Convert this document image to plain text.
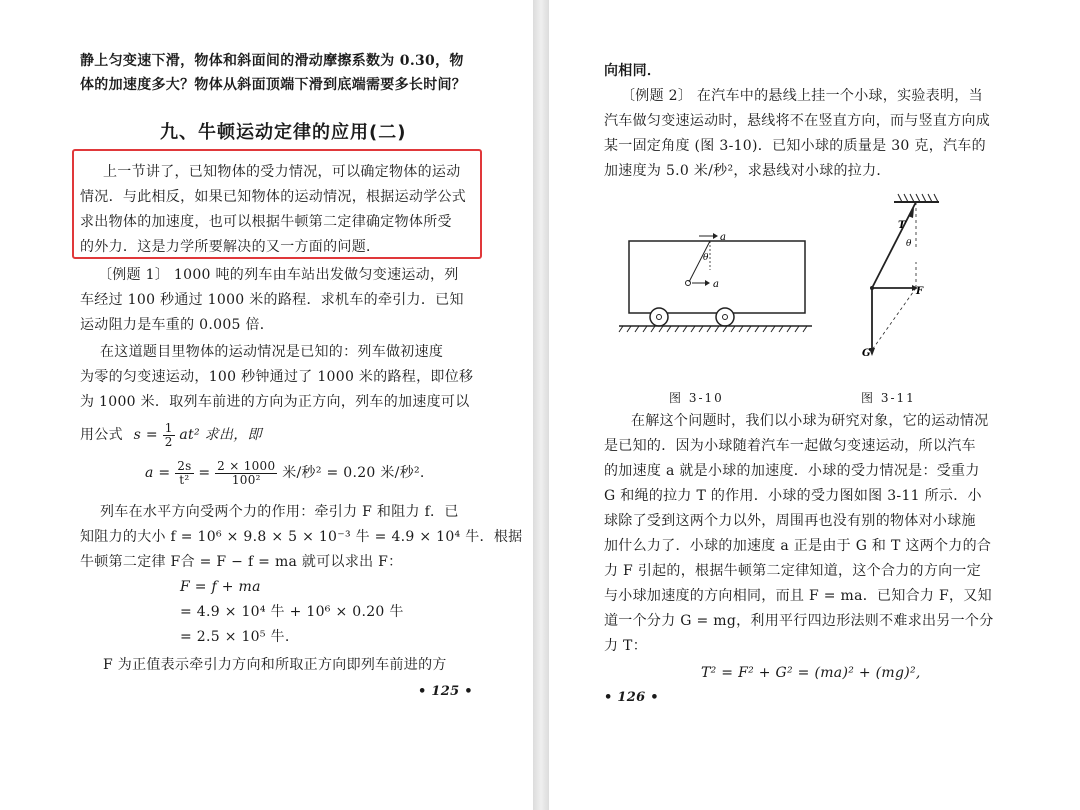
静上匀变速下滑，物体和斜面间的滑动摩擦系数为 0.30，物
体的加速度多大？物体从斜面顶端下滑到底端需要多长时间？
九、牛顿运动定律的应用(二)
上一节讲了，已知物体的受力情况，可以确定物体的运动
情况．与此相反，如果已知物体的运动情况，根据运动学公式
求出物体的加速度，也可以根据牛顿第二定律确定物体所受
的外力．这是力学所要解决的又一方面的问题．
〔例题 1〕 1000 吨的列车由车站出发做匀变速运动，列
车经过 100 秒通过 1000 米的路程．求机车的牵引力．已知
运动阻力是车重的 0.005 倍．
在这道题目里物体的运动情况是已知的：列车做初速度
为零的匀变速运动，100 秒钟通过了 1000 米的路程，即位移
为 1000 米．取列车前进的方向为正方向，列车的加速度可以
用公式 $s = \frac{1}{2} at^2$ 求出，即
$a = \frac{2s}{\text{t²}} = \frac{2 \times 1000}{\text{100²}}$ 米/秒² = 0.20 米/秒².
列车在水平方向受两个力的作用：牵引力 F 和阻力 f．已
知阻力的大小 f = 10⁶ × 9.8 × 5 × 10⁻³ 牛 = 4.9 × 10⁴ 牛．根据
牛顿第二定律 F合 = F − f = ma 就可以求出 F：
F = f + ma
= 4.9 × 10⁴ 牛 + 10⁶ × 0.20 牛
= 2.5 × 10⁵ 牛.
F 为正值表示牵引力方向和所取正方向即列车前进的方
• 125 •
向相同．
〔例题 2〕 在汽车中的悬线上挂一个小球，实验表明，当
汽车做匀变速运动时，悬线将不在竖直方向，而与竖直方向成
某一固定角度 (图 3-10)．已知小球的质量是 30 克，汽车的
加速度为 5.0 米/秒²，求悬线对小球的拉力．
a
θ
a
T
θ
F
G
图 3-10	图 3-11
在解这个问题时，我们以小球为研究对象，它的运动情况
是已知的．因为小球随着汽车一起做匀变速运动，所以汽车
的加速度 a 就是小球的加速度．小球的受力情况是：受重力
G 和绳的拉力 T 的作用．小球的受力图如图 3-11 所示．小
球除了受到这两个力以外，周围再也没有别的物体对小球施
加什么力了．小球的加速度 a 正是由于 G 和 T 这两个力的合
力 F 引起的，根据牛顿第二定律知道，这个合力的方向一定
与小球加速度的方向相同，而且 F = ma．已知合力 F，又知
道一个分力 G = mg，利用平行四边形法则不难求出另一个分
力 T：
T² = F² + G² = (ma)² + (mg)²,
• 126 •
